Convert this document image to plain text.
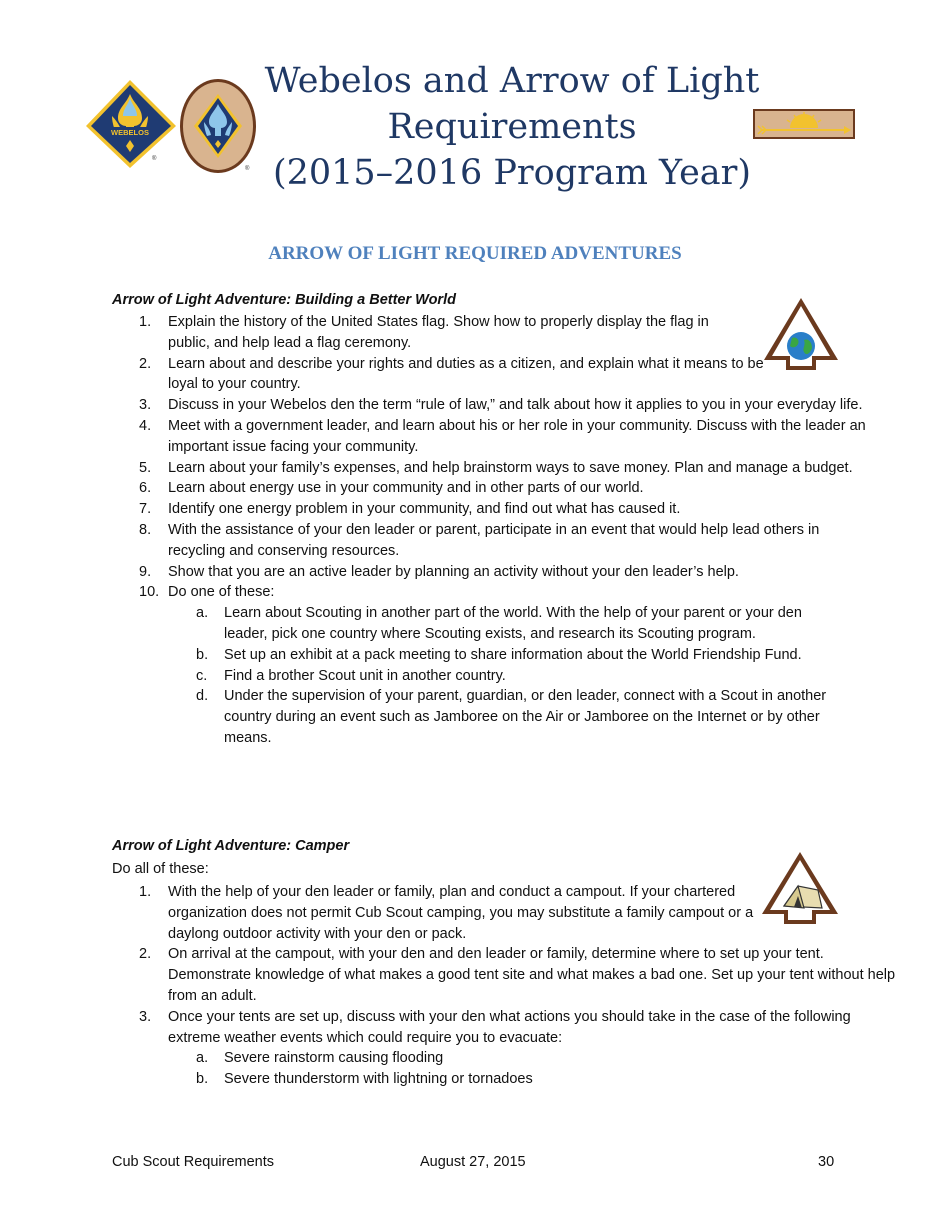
WEBELOS
®
®
Webelos and Arrow of Light
Requirements
(2015–2016 Program Year)
ARROW OF LIGHT REQUIRED ADVENTURES
Arrow of Light Adventure: Building a Better World
1.	Explain the history of the United States flag. Show how to properly display the flag in public, and help lead a flag ceremony.
2.	Learn about and describe your rights and duties as a citizen, and explain what it means to be loyal to your country.
3.	Discuss in your Webelos den the term “rule of law,” and talk about how it applies to you in your everyday life.
4.	Meet with a government leader, and learn about his or her role in your community. Discuss with the leader an important issue facing your community.
5.	Learn about your family’s expenses, and help brainstorm ways to save money. Plan and manage a budget.
6.	Learn about energy use in your community and in other parts of our world.
7.	Identify one energy problem in your community, and find out what has caused it.
8.	With the assistance of your den leader or parent, participate in an event that would help lead others in recycling and conserving resources.
9.	Show that you are an active leader by planning an activity without your den leader’s help.
10. Do one of these:
a. Learn about Scouting in another part of the world. With the help of your parent or your den leader, pick one country where Scouting exists, and research its Scouting program.
b. Set up an exhibit at a pack meeting to share information about the World Friendship Fund.
c. Find a brother Scout unit in another country.
d. Under the supervision of your parent, guardian, or den leader, connect with a Scout in another country during an event such as Jamboree on the Air or Jamboree on the Internet or by other means.
Arrow of Light Adventure: Camper
Do all of these:
1.	With the help of your den leader or family, plan and conduct a campout. If your chartered organization does not permit Cub Scout camping, you may substitute a family campout or a daylong outdoor activity with your den or pack.
2.	On arrival at the campout, with your den and den leader or family, determine where to set up your tent. Demonstrate knowledge of what makes a good tent site and what makes a bad one. Set up your tent without help from an adult.
3.	Once your tents are set up, discuss with your den what actions you should take in the case of the following extreme weather events which could require you to evacuate:
a. Severe rainstorm causing flooding
b. Severe thunderstorm with lightning or tornadoes
Cub Scout Requirements	August 27, 2015	30
